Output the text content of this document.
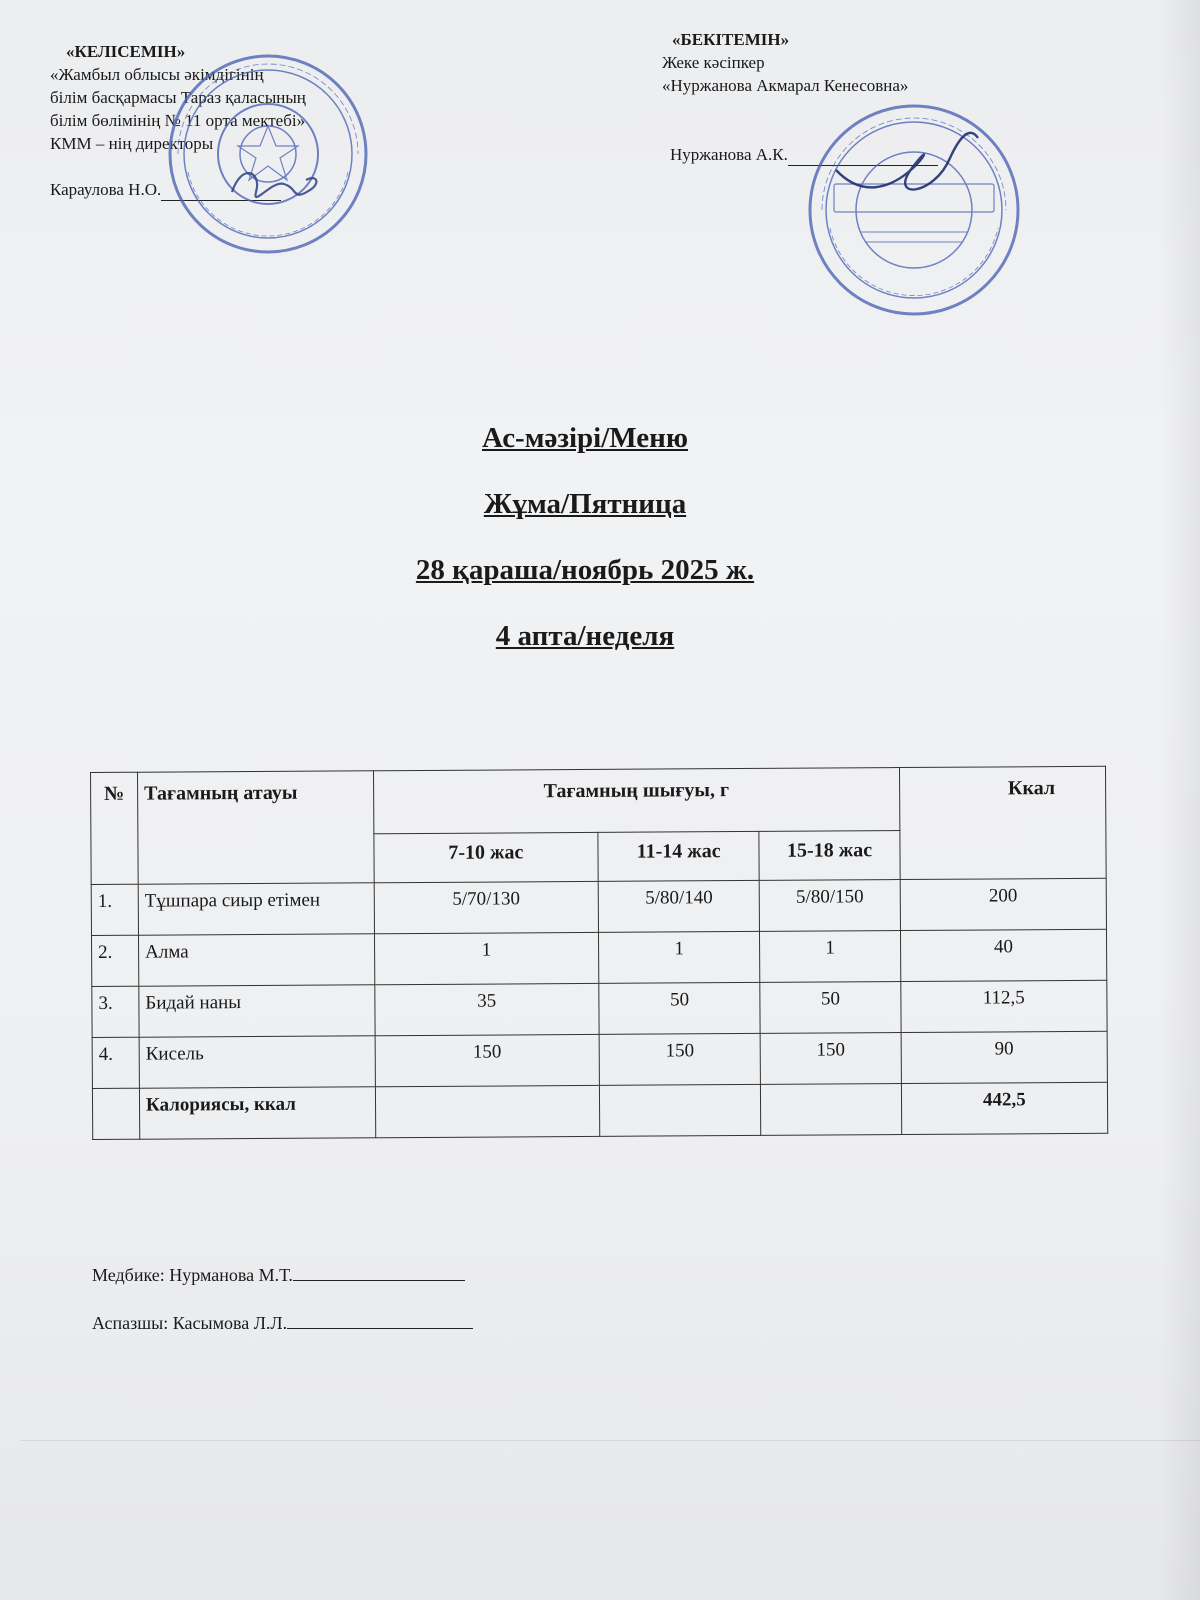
«КЕЛІСЕМІН»
«Жамбыл облысы әкімдігінің
білім басқармасы Тараз қаласының
білім бөлімінің № 11 орта мектебі»
КММ – нің директоры
Караулова Н.О.
«БЕКІТЕМІН»
Жеке кәсіпкер
«Нуржанова Акмарал Кенесовна»
Нуржанова А.К.
Ас-мәзірі/Меню
Жұма/Пятница
28 қараша/ноябрь 2025 ж.
4 апта/неделя
№	Тағамның атауы	Тағамның шығуы, г			Ккал
		7-10 жас	11-14 жас	15-18 жас	
1.	Тұшпара сиыр етімен	5/70/130	5/80/140	5/80/150	200
2.	Алма	1	1	1	40
3.	Бидай наны	35	50	50	112,5
4.	Кисель	150	150	150	90
	Калориясы, ккал				442,5
Медбике: Нурманова М.Т.
Аспазшы: Касымова Л.Л.
